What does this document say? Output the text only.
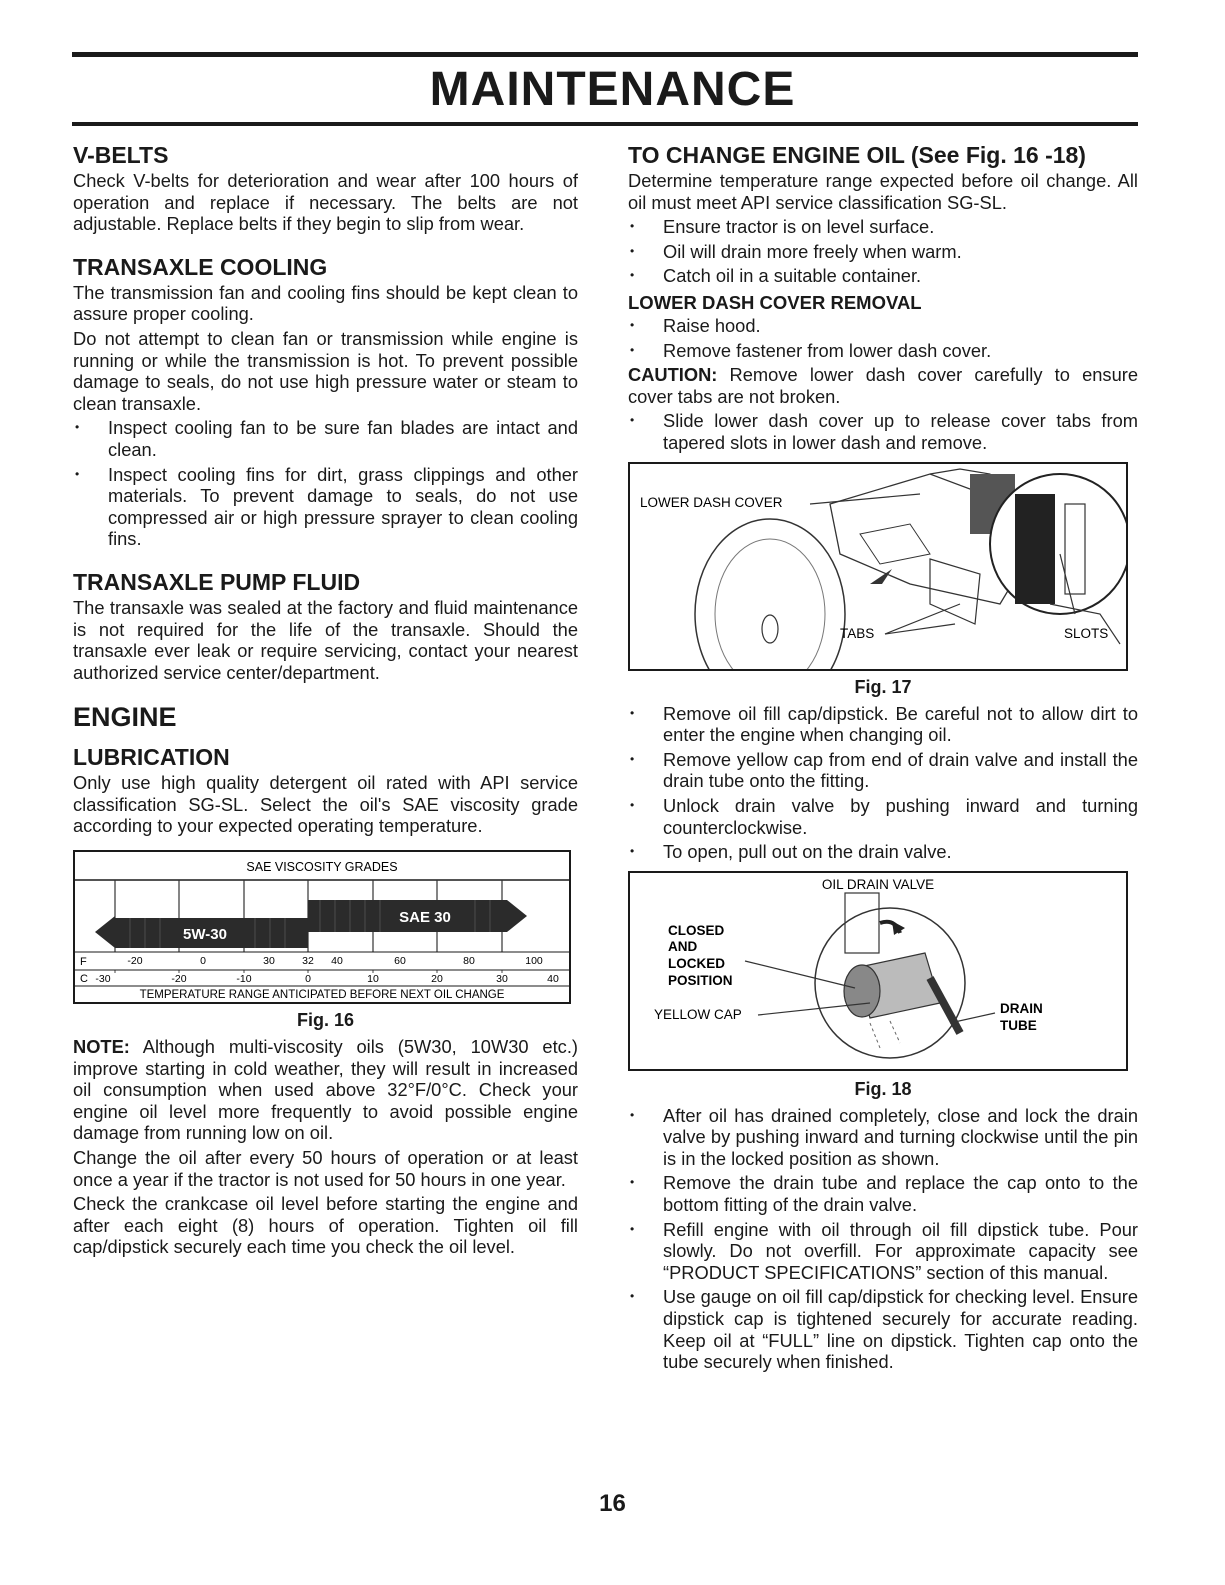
MAINTENANCE
V-BELTS

Check V-belts for deterioration and wear after 100 hours of operation and replace if necessary. The belts are not adjustable. Replace belts if they begin to slip from wear.

TRANSAXLE COOLING

The transmission fan and cooling fins should be kept clean to assure proper cooling.

Do not attempt to clean fan or transmission while engine is running or while the transmission is hot. To prevent possible damage to seals, do not use high pressure water or steam to clean transaxle.

• Inspect cooling fan to be sure fan blades are intact and clean.
• Inspect cooling fins for dirt, grass clippings and other materials. To prevent damage to seals, do not use compressed air or high pressure sprayer to clean cooling fins.
TRANSAXLE PUMP FLUID

The transaxle was sealed at the factory and fluid maintenance is not required for the life of the transaxle. Should the transaxle ever leak or require servicing, contact your nearest authorized service center/department.

ENGINE
LUBRICATION

Only use high quality detergent oil rated with API service classification SG-SL. Select the oil's SAE viscosity grade according to your expected operating temperature.

SAE VISCOSITY GRADES
SAE 30
5W-30
F	-20	0	30	32 40	60	80	100
C -30	-20	-10	0	10	20	30	40
TEMPERATURE RANGE ANTICIPATED BEFORE NEXT OIL CHANGE
Fig. 16

NOTE: Although multi-viscosity oils (5W30, 10W30 etc.) improve starting in cold weather, they will result in increased oil consumption when used above 32°F/0°C. Check your engine oil level more frequently to avoid possible engine damage from running low on oil.

Change the oil after every 50 hours of operation or at least once a year if the tractor is not used for 50 hours in one year.

Check the crankcase oil level before starting the engine and after each eight (8) hours of operation. Tighten oil fill cap/dipstick securely each time you check the oil level.

TO CHANGE ENGINE OIL (See Fig. 16 -18)

Determine temperature range expected before oil change. All oil must meet API service classification SG-SL.

• Ensure tractor is on level surface.
• Oil will drain more freely when warm.
• Catch oil in a suitable container.
LOWER DASH COVER REMOVAL
• Raise hood.
• Remove fastener from lower dash cover.

CAUTION: Remove lower dash cover carefully to ensure cover tabs are not broken.

• Slide lower dash cover up to release cover tabs from tapered slots in lower dash and remove.
LOWER DASH COVER
TABS	SLOTS
Fig. 17
• Remove oil fill cap/dipstick. Be careful not to allow dirt to enter the engine when changing oil.
• Remove yellow cap from end of drain valve and install the drain tube onto the fitting.
• Unlock drain valve by pushing inward and turning counterclockwise.
• To open, pull out on the drain valve.
OIL DRAIN VALVE
CLOSED
AND
LOCKED
POSITION
YELLOW CAP	DRAIN
TUBE
Fig. 18
• After oil has drained completely, close and lock the drain valve by pushing inward and turning clockwise until the pin is in the locked position as shown.
• Remove the drain tube and replace the cap onto to the bottom fitting of the drain valve.
• Refill engine with oil through oil fill dipstick tube. Pour slowly. Do not overfill. For approximate capacity see “PRODUCT SPECIFICATIONS” section of this manual.
• Use gauge on oil fill cap/dipstick for checking level. Ensure dipstick cap is tightened securely for accurate reading. Keep oil at “FULL” line on dipstick. Tighten cap onto the tube securely when finished.
16
